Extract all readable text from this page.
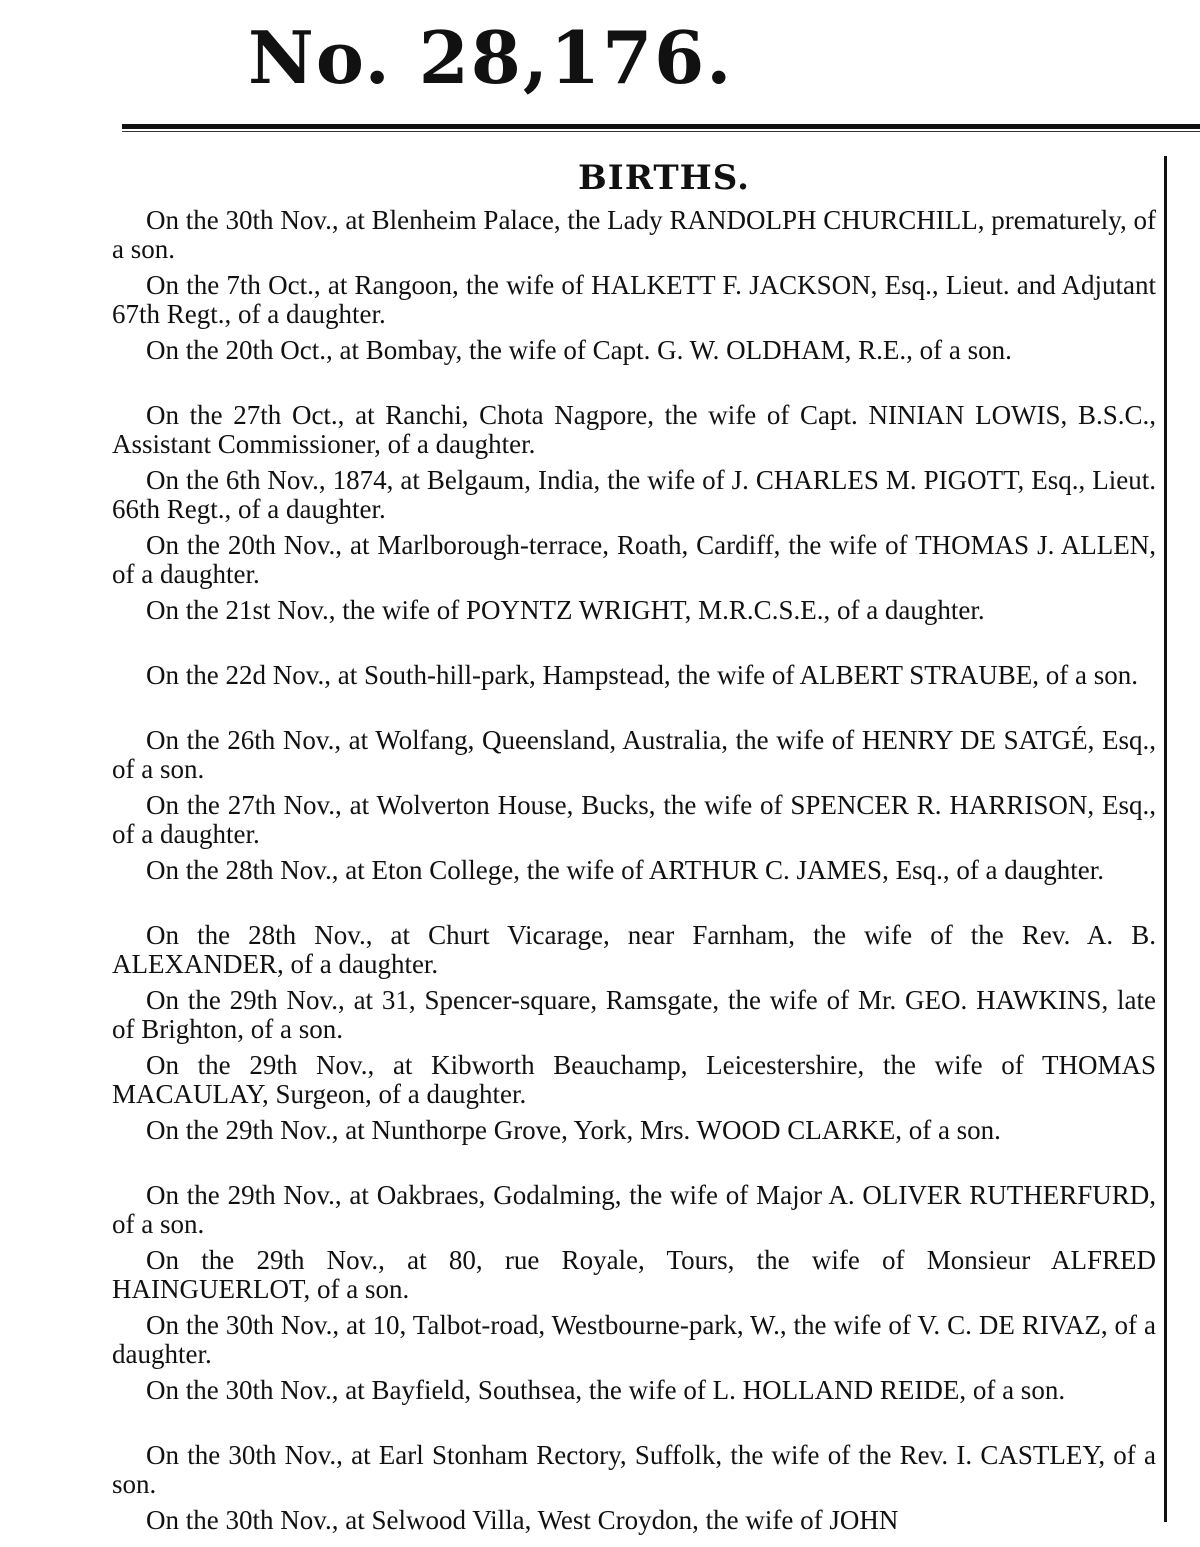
No. 28,176.
BIRTHS.
On the 30th Nov., at Blenheim Palace, the Lady RANDOLPH CHURCHILL, prematurely, of a son.
On the 7th Oct., at Rangoon, the wife of HALKETT F. JACKSON, Esq., Lieut. and Adjutant 67th Regt., of a daughter.
On the 20th Oct., at Bombay, the wife of Capt. G. W. OLDHAM, R.E., of a son.
On the 27th Oct., at Ranchi, Chota Nagpore, the wife of Capt. NINIAN LOWIS, B.S.C., Assistant Commissioner, of a daughter.
On the 6th Nov., 1874, at Belgaum, India, the wife of J. CHARLES M. PIGOTT, Esq., Lieut. 66th Regt., of a daughter.
On the 20th Nov., at Marlborough-terrace, Roath, Cardiff, the wife of THOMAS J. ALLEN, of a daughter.
On the 21st Nov., the wife of POYNTZ WRIGHT, M.R.C.S.E., of a daughter.
On the 22d Nov., at South-hill-park, Hampstead, the wife of ALBERT STRAUBE, of a son.
On the 26th Nov., at Wolfang, Queensland, Australia, the wife of HENRY DE SATGÉ, Esq., of a son.
On the 27th Nov., at Wolverton House, Bucks, the wife of SPENCER R. HARRISON, Esq., of a daughter.
On the 28th Nov., at Eton College, the wife of ARTHUR C. JAMES, Esq., of a daughter.
On the 28th Nov., at Churt Vicarage, near Farnham, the wife of the Rev. A. B. ALEXANDER, of a daughter.
On the 29th Nov., at 31, Spencer-square, Ramsgate, the wife of Mr. GEO. HAWKINS, late of Brighton, of a son.
On the 29th Nov., at Kibworth Beauchamp, Leicestershire, the wife of THOMAS MACAULAY, Surgeon, of a daughter.
On the 29th Nov., at Nunthorpe Grove, York, Mrs. WOOD CLARKE, of a son.
On the 29th Nov., at Oakbraes, Godalming, the wife of Major A. OLIVER RUTHERFURD, of a son.
On the 29th Nov., at 80, rue Royale, Tours, the wife of Monsieur ALFRED HAINGUERLOT, of a son.
On the 30th Nov., at 10, Talbot-road, Westbourne-park, W., the wife of V. C. DE RIVAZ, of a daughter.
On the 30th Nov., at Bayfield, Southsea, the wife of L. HOLLAND REIDE, of a son.
On the 30th Nov., at Earl Stonham Rectory, Suffolk, the wife of the Rev. I. CASTLEY, of a son.
On the 30th Nov., at Selwood Villa, West Croydon, the wife of JOHN
